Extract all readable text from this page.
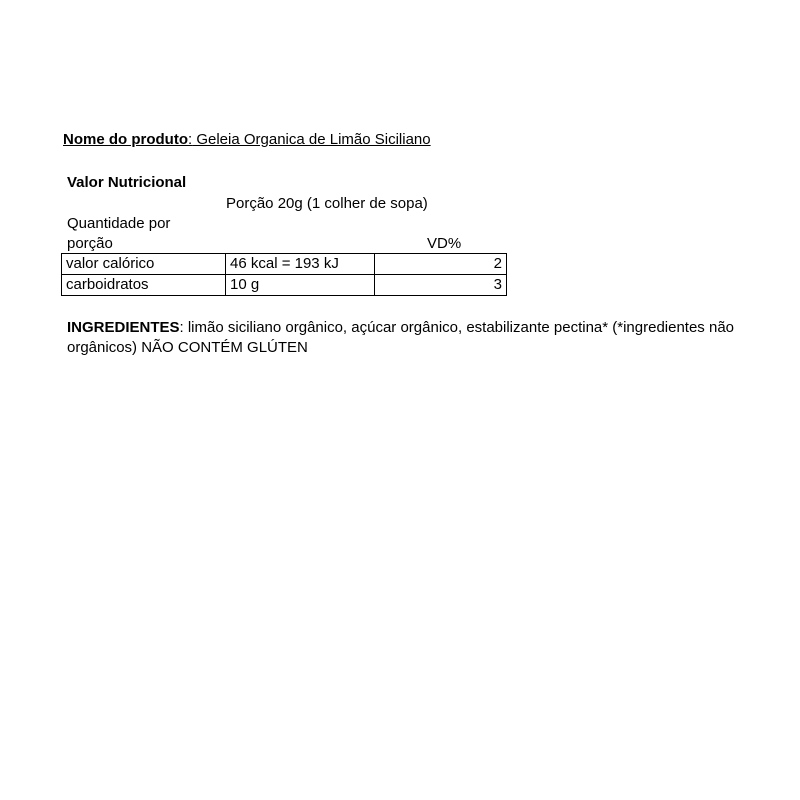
Nome do produto: Geleia Organica de Limão Siciliano
Valor Nutricional
Porção 20g (1 colher de sopa)
Quantidade por porção	VD%
valor calórico	46 kcal = 193 kJ	2
carboidratos	10 g	3
INGREDIENTES: limão siciliano orgânico, açúcar orgânico, estabilizante pectina* (*ingredientes não orgânicos) NÃO CONTÉM GLÚTEN
